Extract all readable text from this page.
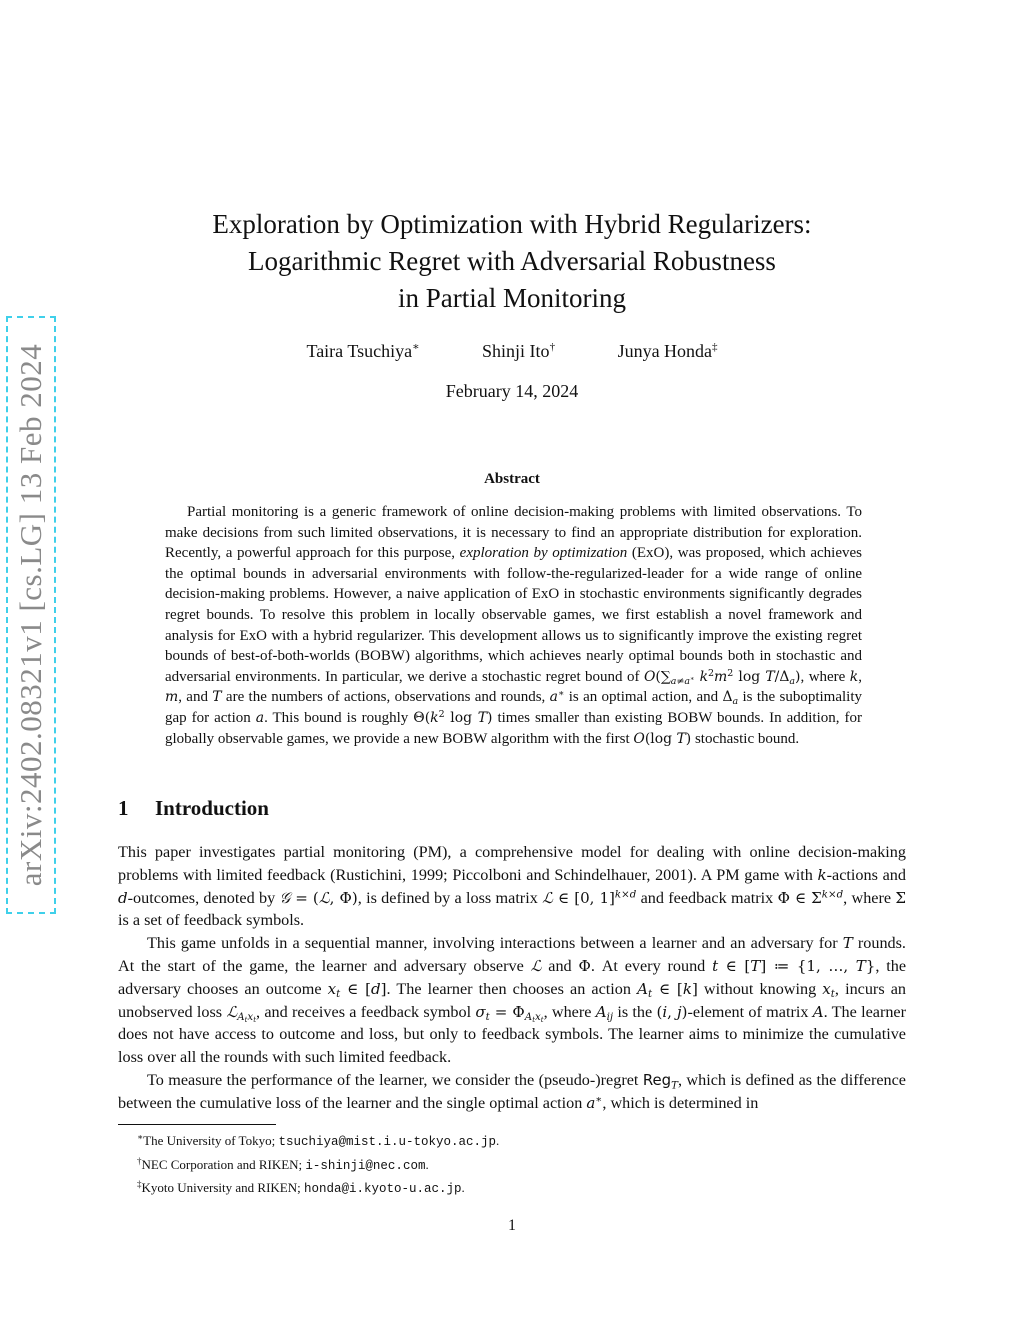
arXiv:2402.08321v1 [cs.LG] 13 Feb 2024
Exploration by Optimization with Hybrid Regularizers:
Logarithmic Regret with Adversarial Robustness
in Partial Monitoring
Taira Tsuchiya∗	Shinji Ito†	Junya Honda‡
February 14, 2024
Abstract
Partial monitoring is a generic framework of online decision-making problems with limited observations. To make decisions from such limited observations, it is necessary to find an appropriate distribution for exploration. Recently, a powerful approach for this purpose, exploration by optimization (ExO), was proposed, which achieves the optimal bounds in adversarial environments with follow-the-regularized-leader for a wide range of online decision-making problems. However, a naive application of ExO in stochastic environments significantly degrades regret bounds. To resolve this problem in locally observable games, we first establish a novel framework and analysis for ExO with a hybrid regularizer. This development allows us to significantly improve the existing regret bounds of best-of-both-worlds (BOBW) algorithms, which achieves nearly optimal bounds both in stochastic and adversarial environments. In particular, we derive a stochastic regret bound of $O(\sum_{a\ne a^∗}$ $k^2m^2$ $\log T/\Delta_a$), where k, m, and T are the numbers of actions, observations and rounds, a∗ is an optimal action, and $\Delta_a$ is the suboptimality gap for action a. This bound is roughly $\Theta(k^2$ log T) times smaller than existing BOBW bounds. In addition, for globally observable games, we provide a new BOBW algorithm with the first O(log T) stochastic bound.
1 Introduction

This paper investigates partial monitoring (PM), a comprehensive model for dealing with online decision-making problems with limited feedback (Rustichini, 1999; Piccolboni and Schindelhauer, 2001). A PM game with k-actions and d-outcomes, denoted by 𝒢 = (ℒ, Φ), is defined by a loss matrix ℒ ∈ [0, 1]$^{k\times d}$ and feedback matrix Φ ∈ $\Sigma^{k\times d}$, where Σ is a set of feedback symbols.

This game unfolds in a sequential manner, involving interactions between a learner and an adversary for T rounds. At the start of the game, the learner and adversary observe ℒ and Φ. At every round t ∈ [T] ≔ {1, …, T}, the adversary chooses an outcome $x_t$ ∈ [d]. The learner then chooses an action $A_t$ ∈ [k] without knowing $x_t$, incurs an unobserved loss ℒ$_{A_tx_t}$, and receives a feedback symbol $\sigma_t = \Phi_{A_tx_t}$, where $A_{ij}$ is the (i, j)-element of matrix A. The learner does not have access to outcome and loss, but only to feedback symbols. The learner aims to minimize the cumulative loss over all the rounds with such limited feedback.

To measure the performance of the learner, we consider the (pseudo-)regret Reg$_T$, which is defined as the difference between the cumulative loss of the learner and the single optimal action a∗, which is determined in

∗The University of Tokyo; tsuchiya@mist.i.u-tokyo.ac.jp.
†NEC Corporation and RIKEN; i-shinji@nec.com.
‡Kyoto University and RIKEN; honda@i.kyoto-u.ac.jp.
1
